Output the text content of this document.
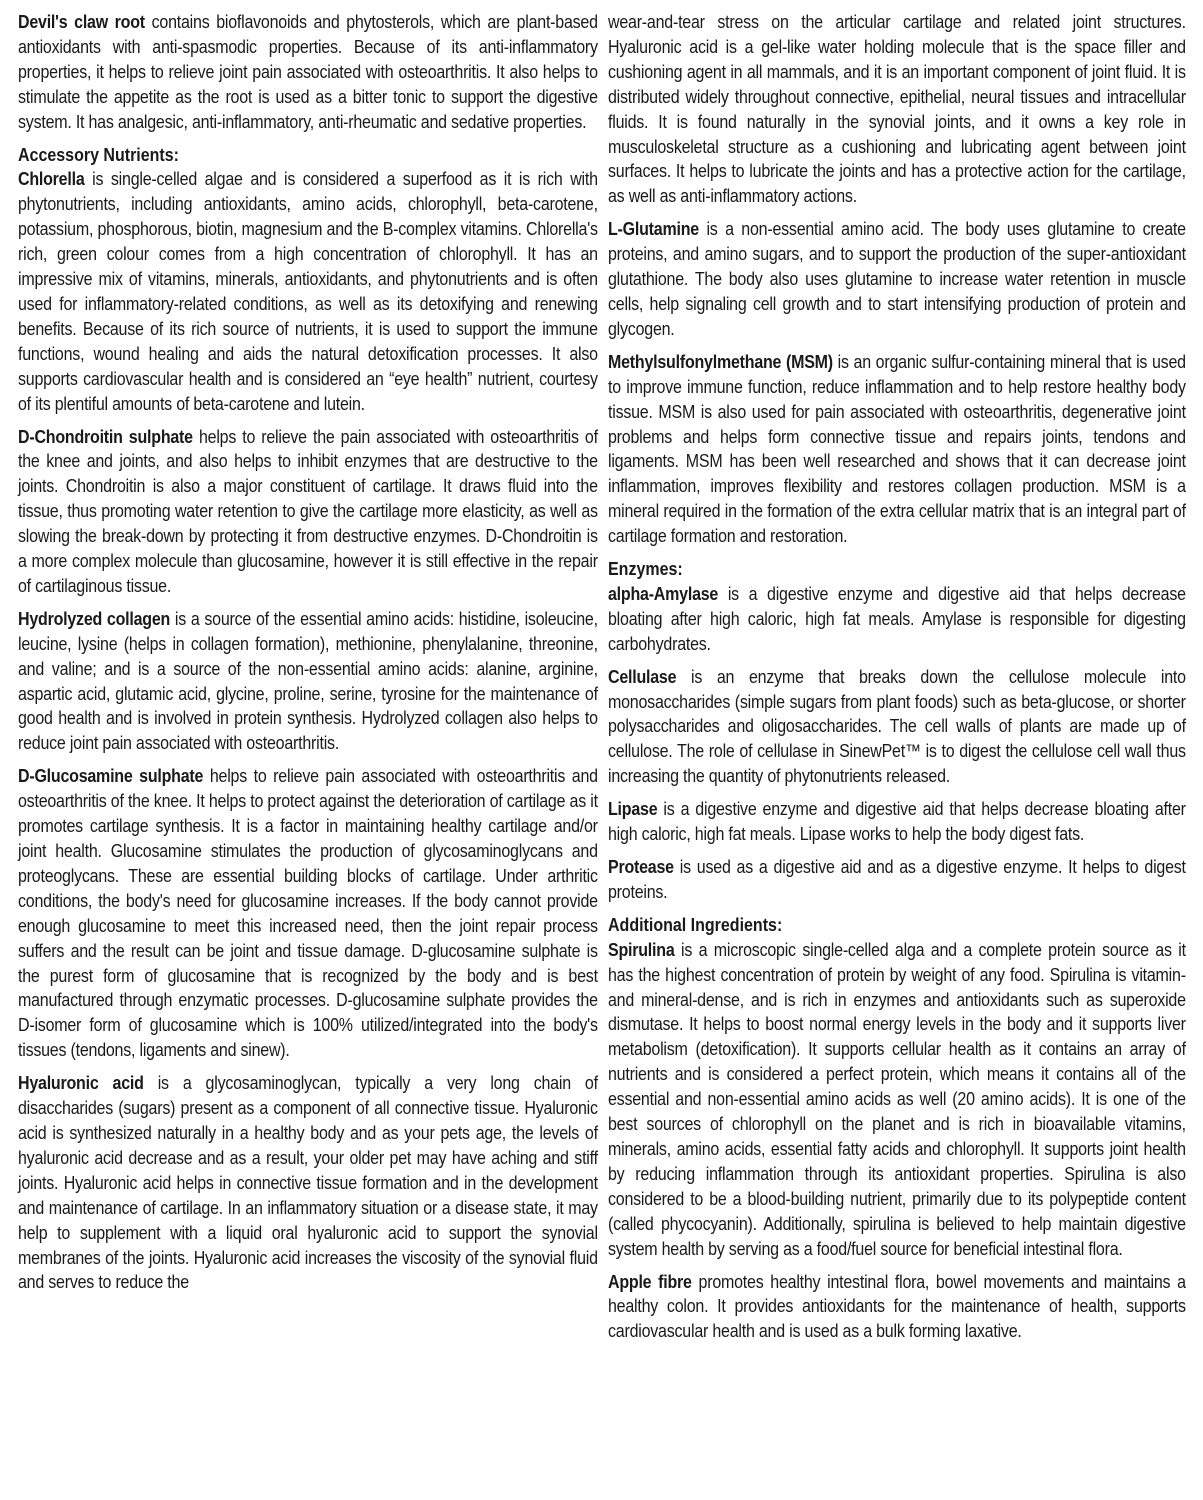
Devil's claw root contains bioflavonoids and phytosterols, which are plant-based antioxidants with anti-spasmodic properties. Because of its anti-inflammatory properties, it helps to relieve joint pain associated with osteoarthritis. It also helps to stimulate the appetite as the root is used as a bitter tonic to support the digestive system. It has analgesic, anti-inflammatory, anti-rheumatic and sedative properties.

Accessory Nutrients:

Chlorella is single-celled algae and is considered a superfood as it is rich with phytonutrients, including antioxidants, amino acids, chlorophyll, beta-carotene, potassium, phosphorous, biotin, magnesium and the B-complex vitamins. Chlorella's rich, green colour comes from a high concentration of chlorophyll. It has an impressive mix of vitamins, minerals, antioxidants, and phytonutrients and is often used for inflammatory-related conditions, as well as its detoxifying and renewing benefits. Because of its rich source of nutrients, it is used to support the immune functions, wound healing and aids the natural detoxification processes. It also supports cardiovascular health and is considered an “eye health” nutrient, courtesy of its plentiful amounts of beta-carotene and lutein.

D-Chondroitin sulphate helps to relieve the pain associated with osteoarthritis of the knee and joints, and also helps to inhibit enzymes that are destructive to the joints. Chondroitin is also a major constituent of cartilage. It draws fluid into the tissue, thus promoting water retention to give the cartilage more elasticity, as well as slowing the break-down by protecting it from destructive enzymes. D-Chondroitin is a more complex molecule than glucosamine, however it is still effective in the repair of cartilaginous tissue.

Hydrolyzed collagen is a source of the essential amino acids: histidine, isoleucine, leucine, lysine (helps in collagen formation), methionine, phenylalanine, threonine, and valine; and is a source of the non-essential amino acids: alanine, arginine, aspartic acid, glutamic acid, glycine, proline, serine, tyrosine for the maintenance of good health and is involved in protein synthesis. Hydrolyzed collagen also helps to reduce joint pain associated with osteoarthritis.

D-Glucosamine sulphate helps to relieve pain associated with osteoarthritis and osteoarthritis of the knee. It helps to protect against the deterioration of cartilage as it promotes cartilage synthesis. It is a factor in maintaining healthy cartilage and/or joint health. Glucosamine stimulates the production of glycosaminoglycans and proteoglycans. These are essential building blocks of cartilage. Under arthritic conditions, the body's need for glucosamine increases. If the body cannot provide enough glucosamine to meet this increased need, then the joint repair process suffers and the result can be joint and tissue damage. D-glucosamine sulphate is the purest form of glucosamine that is recognized by the body and is best manufactured through enzymatic processes. D-glucosamine sulphate provides the D-isomer form of glucosamine which is 100% utilized/integrated into the body's tissues (tendons, ligaments and sinew).

Hyaluronic acid is a glycosaminoglycan, typically a very long chain of disaccharides (sugars) present as a component of all connective tissue. Hyaluronic acid is synthesized naturally in a healthy body and as your pets age, the levels of hyaluronic acid decrease and as a result, your older pet may have aching and stiff joints. Hyaluronic acid helps in connective tissue formation and in the development and maintenance of cartilage. In an inflammatory situation or a disease state, it may help to supplement with a liquid oral hyaluronic acid to support the synovial membranes of the joints. Hyaluronic acid increases the viscosity of the synovial fluid and serves to reduce the

wear-and-tear stress on the articular cartilage and related joint structures. Hyaluronic acid is a gel-like water holding molecule that is the space filler and cushioning agent in all mammals, and it is an important component of joint fluid. It is distributed widely throughout connective, epithelial, neural tissues and intracellular fluids. It is found naturally in the synovial joints, and it owns a key role in musculoskeletal structure as a cushioning and lubricating agent between joint surfaces. It helps to lubricate the joints and has a protective action for the cartilage, as well as anti-inflammatory actions.

L-Glutamine is a non-essential amino acid. The body uses glutamine to create proteins, and amino sugars, and to support the production of the super-antioxidant glutathione. The body also uses glutamine to increase water retention in muscle cells, help signaling cell growth and to start intensifying production of protein and glycogen.

Methylsulfonylmethane (MSM) is an organic sulfur-containing mineral that is used to improve immune function, reduce inflammation and to help restore healthy body tissue. MSM is also used for pain associated with osteoarthritis, degenerative joint problems and helps form connective tissue and repairs joints, tendons and ligaments. MSM has been well researched and shows that it can decrease joint inflammation, improves flexibility and restores collagen production. MSM is a mineral required in the formation of the extra cellular matrix that is an integral part of cartilage formation and restoration.

Enzymes:

alpha-Amylase is a digestive enzyme and digestive aid that helps decrease bloating after high caloric, high fat meals. Amylase is responsible for digesting carbohydrates.

Cellulase is an enzyme that breaks down the cellulose molecule into monosaccharides (simple sugars from plant foods) such as beta-glucose, or shorter polysaccharides and oligosaccharides. The cell walls of plants are made up of cellulose. The role of cellulase in SinewPet™ is to digest the cellulose cell wall thus increasing the quantity of phytonutrients released.

Lipase is a digestive enzyme and digestive aid that helps decrease bloating after high caloric, high fat meals. Lipase works to help the body digest fats.

Protease is used as a digestive aid and as a digestive enzyme. It helps to digest proteins.

Additional Ingredients:

Spirulina is a microscopic single-celled alga and a complete protein source as it has the highest concentration of protein by weight of any food. Spirulina is vitamin- and mineral-dense, and is rich in enzymes and antioxidants such as superoxide dismutase. It helps to boost normal energy levels in the body and it supports liver metabolism (detoxification). It supports cellular health as it contains an array of nutrients and is considered a perfect protein, which means it contains all of the essential and non-essential amino acids as well (20 amino acids). It is one of the best sources of chlorophyll on the planet and is rich in bioavailable vitamins, minerals, amino acids, essential fatty acids and chlorophyll. It supports joint health by reducing inflammation through its antioxidant properties. Spirulina is also considered to be a blood-building nutrient, primarily due to its polypeptide content (called phycocyanin). Additionally, spirulina is believed to help maintain digestive system health by serving as a food/fuel source for beneficial intestinal flora.

Apple fibre promotes healthy intestinal flora, bowel movements and maintains a healthy colon. It provides antioxidants for the maintenance of health, supports cardiovascular health and is used as a bulk forming laxative.
